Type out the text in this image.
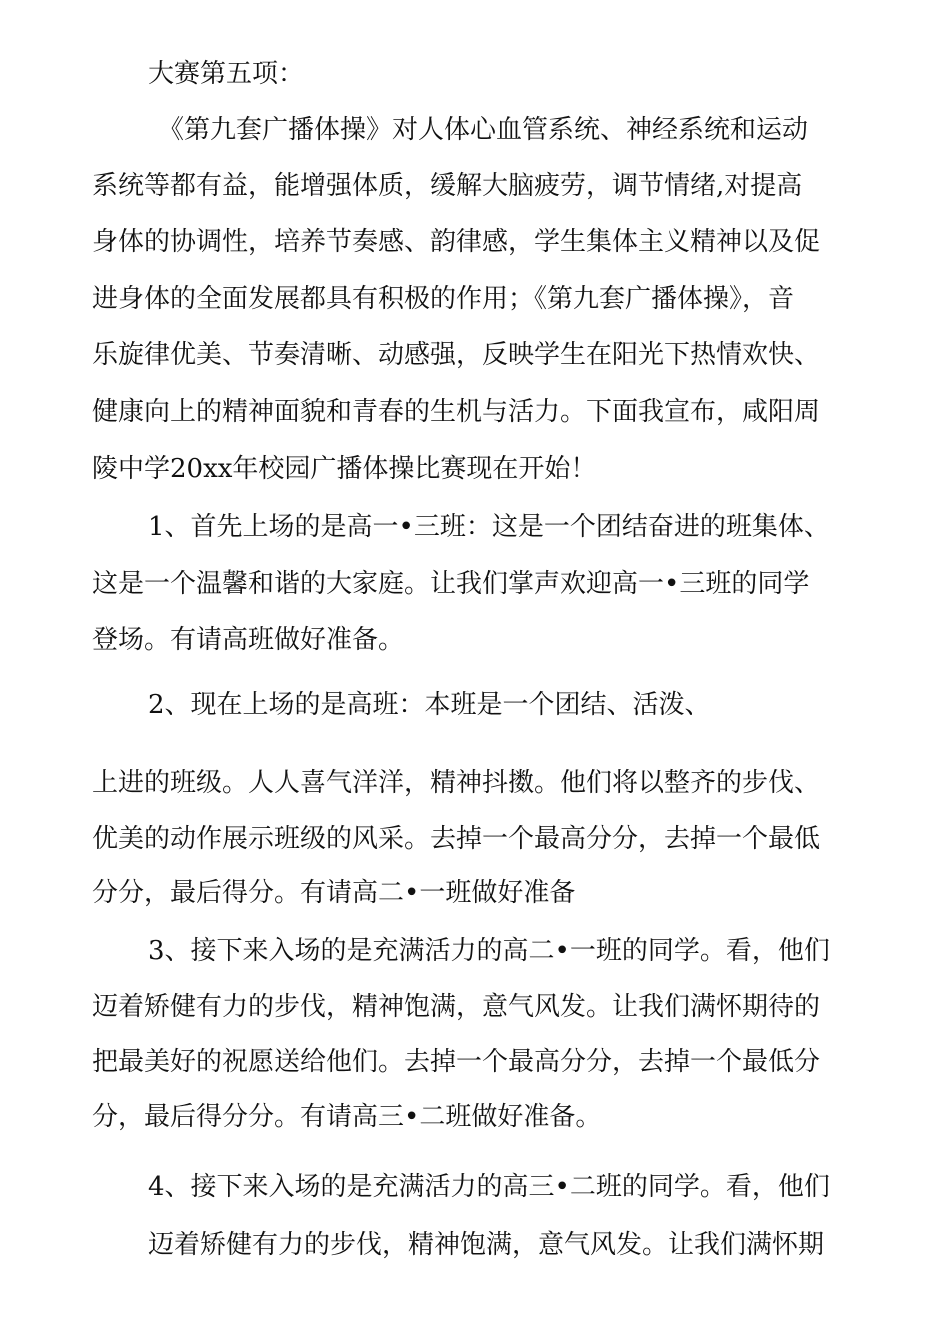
大赛第五项：
《第九套广播体操》对人体心血管系统、神经系统和运动
系统等都有益，能增强体质，缓解大脑疲劳，调节情绪,对提高
身体的协调性，培养节奏感、韵律感，学生集体主义精神以及促
进身体的全面发展都具有积极的作用；《第九套广播体操》，音
乐旋律优美、节奏清晰、动感强，反映学生在阳光下热情欢快、
健康向上的精神面貌和青春的生机与活力。下面我宣布，咸阳周
陵中学20xx年校园广播体操比赛现在开始！
1、首先上场的是高一•三班：这是一个团结奋进的班集体、
这是一个温馨和谐的大家庭。让我们掌声欢迎高一•三班的同学
登场。有请高班做好准备。
2、现在上场的是高班：本班是一个团结、活泼、
上进的班级。人人喜气洋洋，精神抖擞。他们将以整齐的步伐、
优美的动作展示班级的风采。去掉一个最高分分，去掉一个最低
分分，最后得分。有请高二•一班做好准备
3、接下来入场的是充满活力的高二•一班的同学。看，他们
迈着矫健有力的步伐，精神饱满，意气风发。让我们满怀期待的
把最美好的祝愿送给他们。去掉一个最高分分，去掉一个最低分
分，最后得分分。有请高三•二班做好准备。
4、接下来入场的是充满活力的高三•二班的同学。看，他们
迈着矫健有力的步伐，精神饱满，意气风发。让我们满怀期
